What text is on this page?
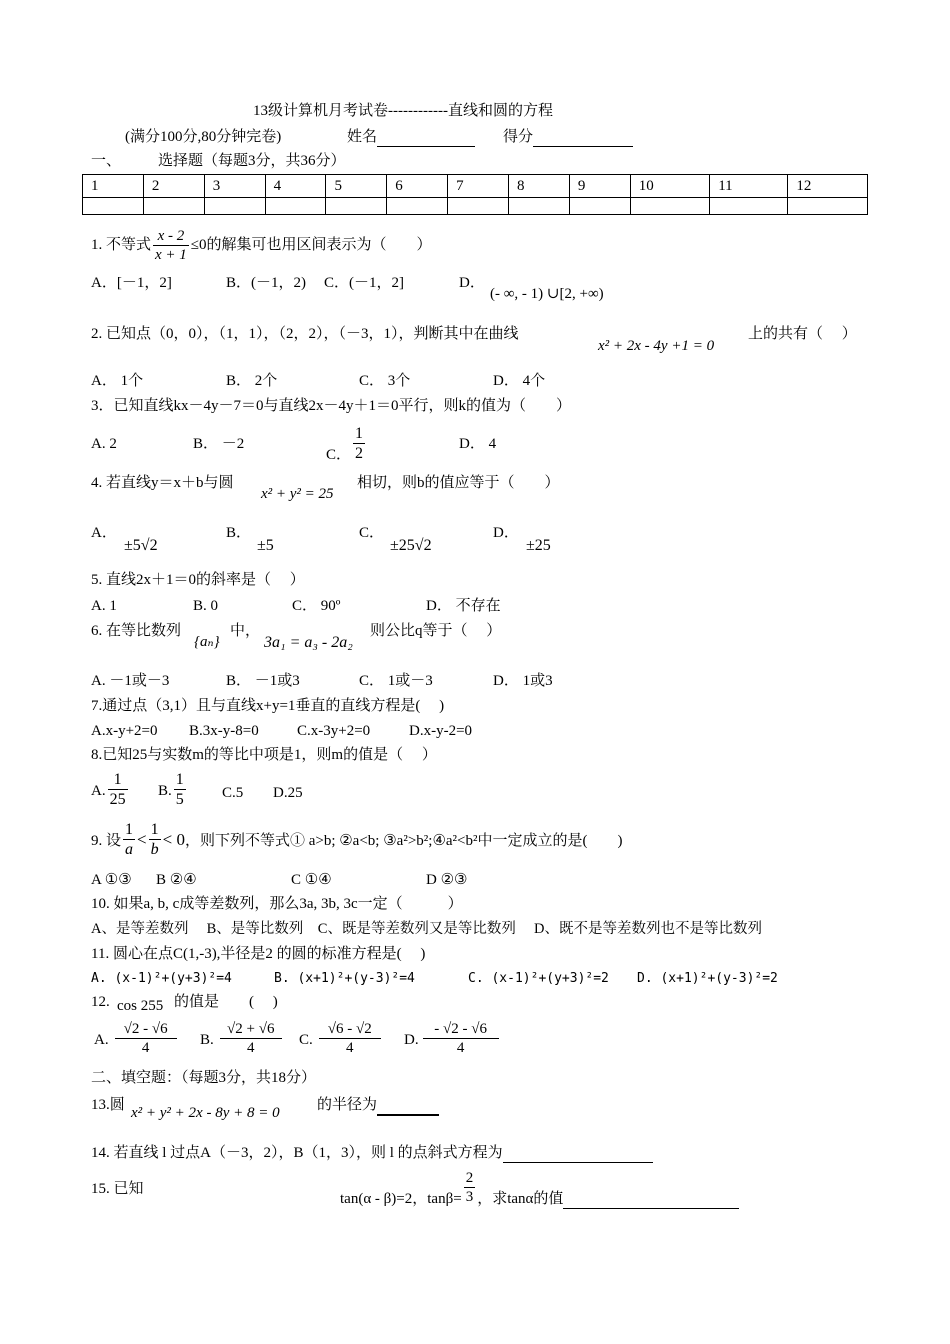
13级计算机月考试卷------------直线和圆的方程
(满分100分,80分钟完卷)	姓名	得分
一、 选择题（每题3分，共36分）
1	2	3	4	5	6	7	8	9	10	11	12

1. 不等式 $\frac{x - 2}{x + 1} \le 0$的解集可也用区间表示为（　　）
A．[－1，2]	B．(－1，2) C．(－1，2]	D．
(- ∞, - 1) ∪[2, +∞)
2. 已知点（0，0），（1，1），（2，2），（－3，1），判断其中在曲线
x² + 2x - 4y +1 = 0
上的共有（　 ）
A． 1个	B． 2个	C． 3个	D． 4个
3．已知直线kx－4y－7＝0与直线2x－4y＋1＝0平行，则k的值为（　　）
A. 2	B． －2
C． $\frac{1}{2}$	D． 4
4. 若直线y＝x＋b与圆
x² + y² = 25
相切，则b的值应等于（　　）
A．
±5√2
B．
±5
C．
±25√2
D．
±25
5. 直线2x＋1＝0的斜率是（　 ）
A. 1	B. 0	C． 90º	D． 不存在
6. 在等比数列
{aₙ}
中，
3a₁ = a₃ - 2a₂
则公比q等于（　 ）
A. －1或－3	B． －1或3	C． 1或－3	D． 1或3
7.通过点（3,1）且与直线x+y=1垂直的直线方程是(　 )
A.x-y+2=0 B.3x-y-8=0	C.x-3y+2=0	D.x-y-2=0
8.已知25与实数m的等比中项是1，则m的值是（　 ）
A. $\frac{1}{25} B$. $\frac{1}{5} C.5$ D.25
9. 设 $\frac{1}{a} < \frac{1}{b} < 0$，则下列不等式① a>b; ②a<b; ③a²>b²;④a²<b²中一定成立的是(　　)
A ①③ B ②④	C ①④	D ②③
10. 如果a, b, c成等差数列，那么3a, 3b, 3c一定（　　　）
A、是等差数列　 B、是等比数列　C、既是等差数列又是等比数列　 D、既不是等差数列也不是等比数列
11. 圆心在点C(1,-3),半径是2 的圆的标准方程是(　 )
A. (x-1)²+(y+3)²=4	B. (x+1)²+(y-3)²=4	C. (x-1)²+(y+3)²=2 D. (x+1)²+(y-3)²=2
12. cos 255 的值是　　(　 )
A. $\frac{√2 - √6}{4} B$. $\frac{√2 + √6}{4} C$. $\frac{√6 - √2}{4} D$. $\frac{- √2 - √6}{4}$
二、填空题：（每题3分，共18分）
13.圆 x² + y² + 2x - 8y + 8 = 0 的半径为
14. 若直线 l 过点A（－3，2），B（1，3），则 l 的点斜式方程为
15. 已知
tan(α - β)=2，$\tan\beta= \frac{2}{3}$ ，求tanα的值
